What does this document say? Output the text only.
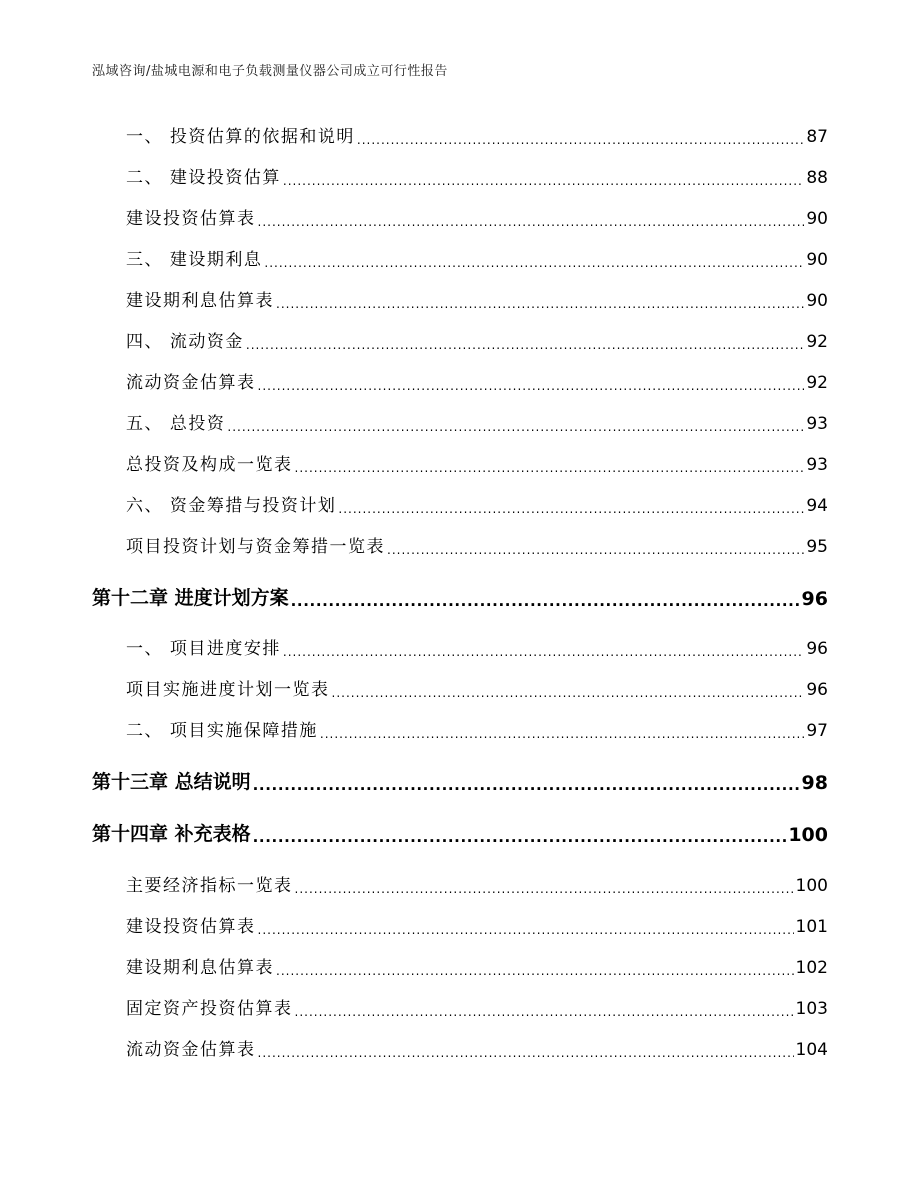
泓域咨询/盐城电源和电子负载测量仪器公司成立可行性报告
一、 投资估算的依据和说明 .....	87
二、 建设投资估算 .....	88
建设投资估算表 .....	90
三、 建设期利息 .....	90
建设期利息估算表 .....	90
四、 流动资金 .....	92
流动资金估算表 .....	92
五、 总投资 .....	93
总投资及构成一览表 .....	93
六、 资金筹措与投资计划 .....	94
项目投资计划与资金筹措一览表 .....	95
第十二章 进度计划方案 .....	96
一、 项目进度安排 .....	96
项目实施进度计划一览表 .....	96
二、 项目实施保障措施 .....	97
第十三章 总结说明 .....	98
第十四章 补充表格 .....	100
主要经济指标一览表 .....	100
建设投资估算表 .....	101
建设期利息估算表 .....	102
固定资产投资估算表 .....	103
流动资金估算表 .....	104
